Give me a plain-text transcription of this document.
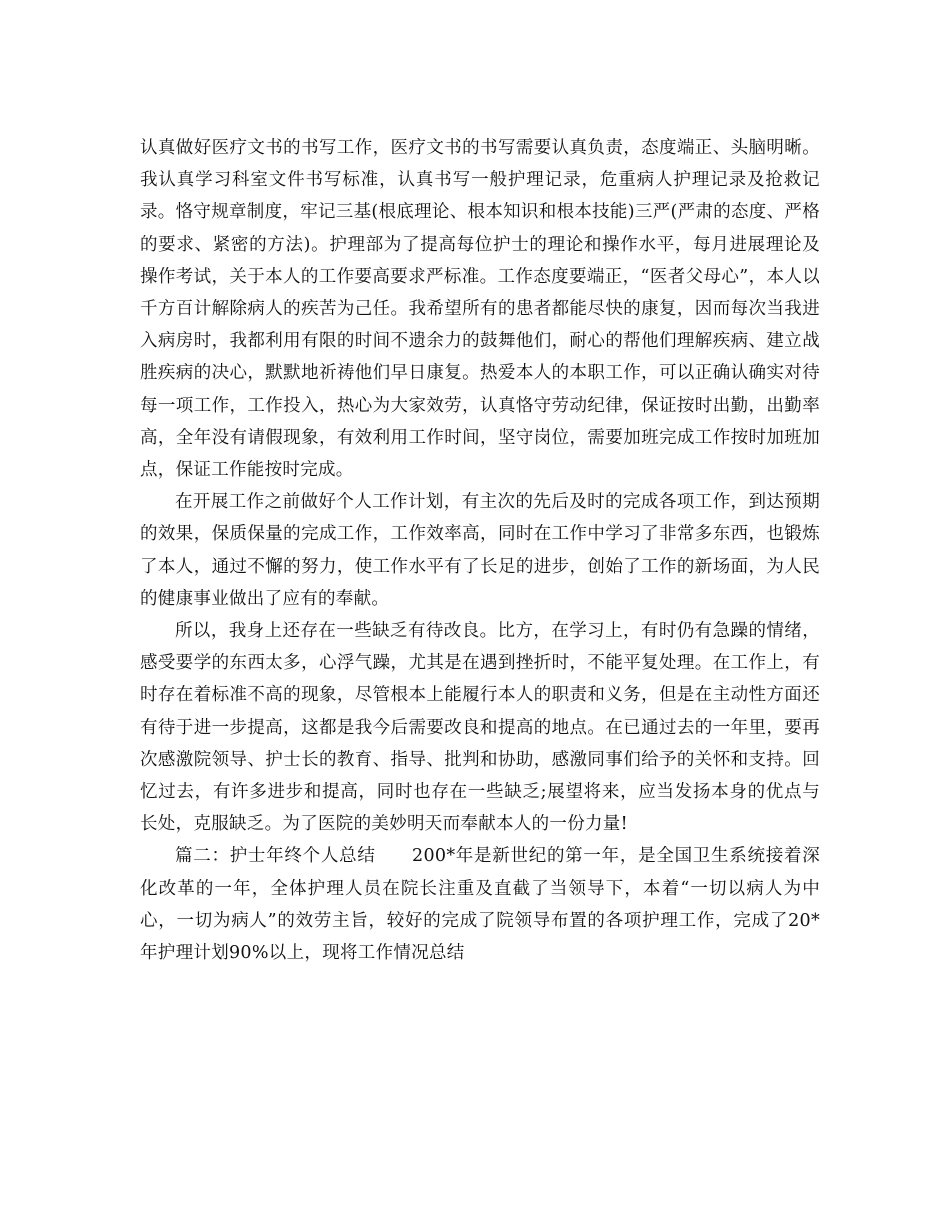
认真做好医疗文书的书写工作，医疗文书的书写需要认真负责，态度端正、头脑明晰。我认真学习科室文件书写标准，认真书写一般护理记录，危重病人护理记录及抢救记录。恪守规章制度，牢记三基(根底理论、根本知识和根本技能)三严(严肃的态度、严格的要求、紧密的方法)。护理部为了提高每位护士的理论和操作水平，每月进展理论及操作考试，关于本人的工作要高要求严标准。工作态度要端正，“医者父母心”，本人以千方百计解除病人的疾苦为己任。我希望所有的患者都能尽快的康复，因而每次当我进入病房时，我都利用有限的时间不遗余力的鼓舞他们，耐心的帮他们理解疾病、建立战胜疾病的决心，默默地祈祷他们早日康复。热爱本人的本职工作，可以正确认确实对待每一项工作，工作投入，热心为大家效劳，认真恪守劳动纪律，保证按时出勤，出勤率高，全年没有请假现象，有效利用工作时间，坚守岗位，需要加班完成工作按时加班加点，保证工作能按时完成。

在开展工作之前做好个人工作计划，有主次的先后及时的完成各项工作，到达预期的效果，保质保量的完成工作，工作效率高，同时在工作中学习了非常多东西，也锻炼了本人，通过不懈的努力，使工作水平有了长足的进步，创始了工作的新场面，为人民的健康事业做出了应有的奉献。

所以，我身上还存在一些缺乏有待改良。比方，在学习上，有时仍有急躁的情绪，感受要学的东西太多，心浮气躁，尤其是在遇到挫折时，不能平复处理。在工作上，有时存在着标准不高的现象，尽管根本上能履行本人的职责和义务，但是在主动性方面还有待于进一步提高，这都是我今后需要改良和提高的地点。在已通过去的一年里，要再次感激院领导、护士长的教育、指导、批判和协助，感激同事们给予的关怀和支持。回忆过去，有许多进步和提高，同时也存在一些缺乏;展望将来，应当发扬本身的优点与长处，克服缺乏。为了医院的美妙明天而奉献本人的一份力量!

篇二：护士年终个人总结　　200*年是新世纪的第一年，是全国卫生系统接着深化改革的一年，全体护理人员在院长注重及直截了当领导下，本着“一切以病人为中心，一切为病人”的效劳主旨，较好的完成了院领导布置的各项护理工作，完成了20*年护理计划90%以上，现将工作情况总结
